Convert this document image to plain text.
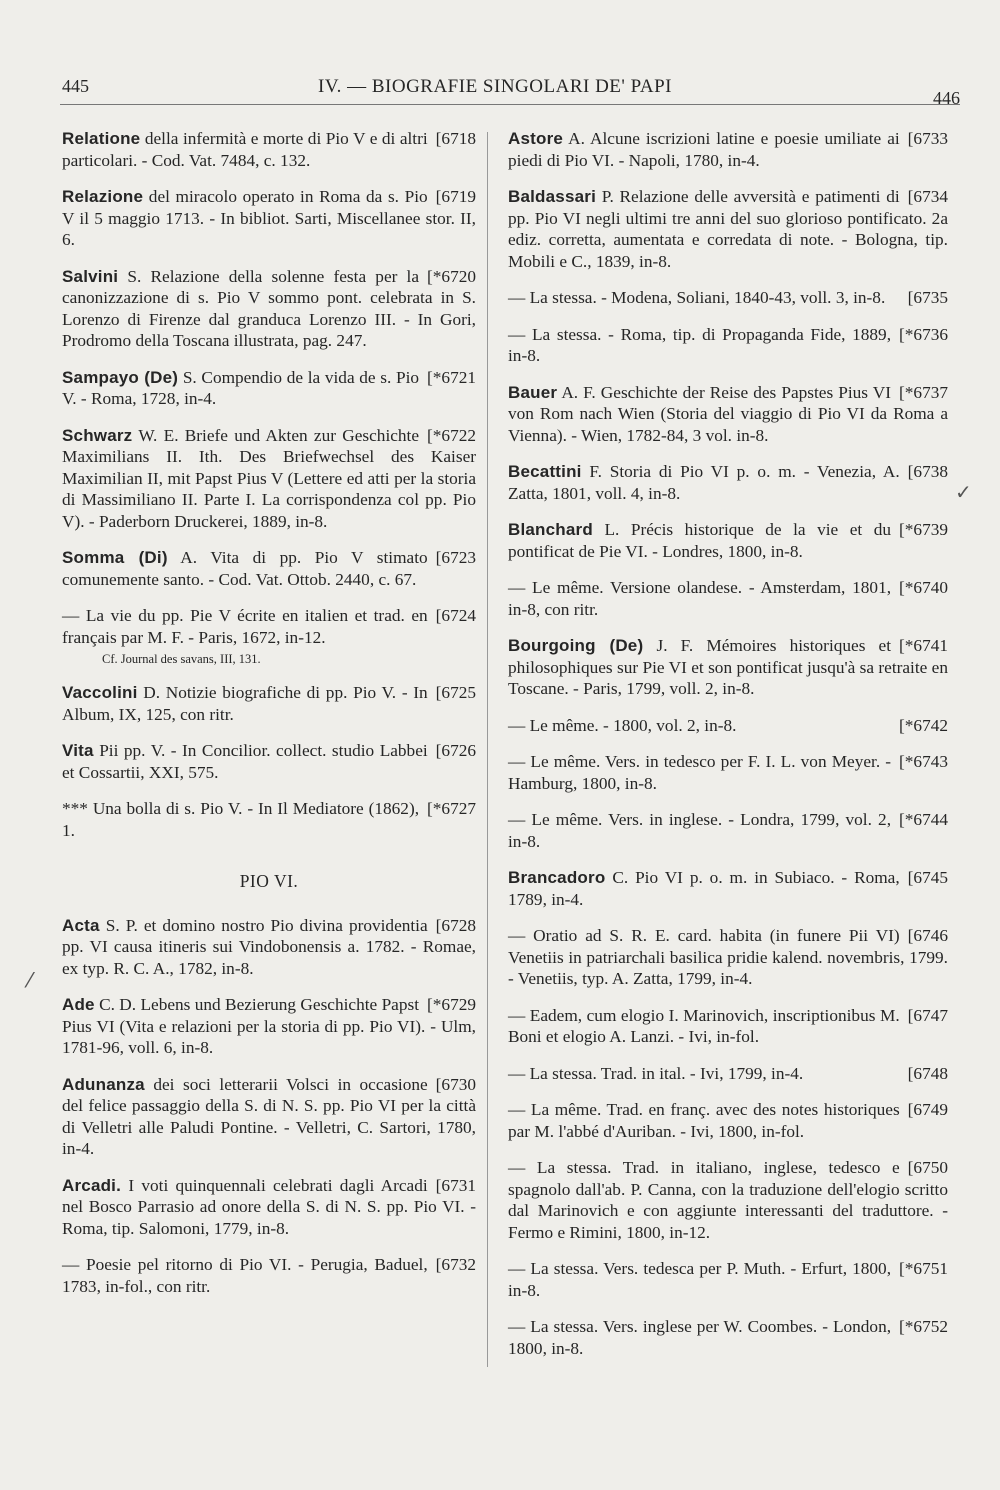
445	IV. — BIOGRAFIE SINGOLARI DE' PAPI
446
[6718
Relatione della infermità e morte di Pio V e di altri particolari. - Cod. Vat. 7484, c. 132.
[6719
Relazione del miracolo operato in Roma da s. Pio V il 5 maggio 1713. - In bibliot. Sarti, Miscellanee stor. II, 6.
[*6720
Salvini S. Relazione della solenne festa per la canonizzazione di s. Pio V sommo pont. celebrata in S. Lorenzo di Firenze dal granduca Lorenzo III. - In Gori, Prodromo della Toscana illustrata, pag. 247.
[*6721
Sampayo (De) S. Compendio de la vida de s. Pio V. - Roma, 1728, in-4.
[*6722
Schwarz W. E. Briefe und Akten zur Geschichte Maximilians II. Ith. Des Briefwechsel des Kaiser Maximilian II, mit Papst Pius V (Lettere ed atti per la storia di Massimiliano II. Parte I. La corrispondenza col pp. Pio V). - Paderborn Druckerei, 1889, in-8.
[6723
Somma (Di) A. Vita di pp. Pio V stimato comunemente santo. - Cod. Vat. Ottob. 2440, c. 67.
[6724
— La vie du pp. Pie V écrite en italien et trad. en français par M. F. - Paris, 1672, in-12.
Cf. Journal des savans, III, 131.
[6725
Vaccolini D. Notizie biografiche di pp. Pio V. - In Album, IX, 125, con ritr.
[6726
Vita Pii pp. V. - In Concilior. collect. studio Labbei et Cossartii, XXI, 575.
[*6727
*** Una bolla di s. Pio V. - In Il Mediatore (1862), 1.
PIO VI.
[6728
Acta S. P. et domino nostro Pio divina providentia pp. VI causa itineris sui Vindobonensis a. 1782. - Romae, ex typ. R. C. A., 1782, in-8.
[*6729
Ade C. D. Lebens und Bezierung Geschichte Papst Pius VI (Vita e relazioni per la storia di pp. Pio VI). - Ulm, 1781-96, voll. 6, in-8.
[6730
Adunanza dei soci letterarii Volsci in occasione del felice passaggio della S. di N. S. pp. Pio VI per la città di Velletri alle Paludi Pontine. - Velletri, C. Sartori, 1780, in-4.
[6731
Arcadi. I voti quinquennali celebrati dagli Arcadi nel Bosco Parrasio ad onore della S. di N. S. pp. Pio VI. - Roma, tip. Salomoni, 1779, in-8.
[6732
— Poesie pel ritorno di Pio VI. - Perugia, Baduel, 1783, in-fol., con ritr.
[6733
Astore A. Alcune iscrizioni latine e poesie umiliate ai piedi di Pio VI. - Napoli, 1780, in-4.
[6734
Baldassari P. Relazione delle avversità e patimenti di pp. Pio VI negli ultimi tre anni del suo glorioso pontificato. 2a ediz. corretta, aumentata e corredata di note. - Bologna, tip. Mobili e C., 1839, in-8.
[6735
— La stessa. - Modena, Soliani, 1840-43, voll. 3, in-8.
[*6736
— La stessa. - Roma, tip. di Propaganda Fide, 1889, in-8.
[*6737
Bauer A. F. Geschichte der Reise des Papstes Pius VI von Rom nach Wien (Storia del viaggio di Pio VI da Roma a Vienna). - Wien, 1782-84, 3 vol. in-8.
[6738
Becattini F. Storia di Pio VI p. o. m. - Venezia, A. Zatta, 1801, voll. 4, in-8.
[*6739
Blanchard L. Précis historique de la vie et du pontificat de Pie VI. - Londres, 1800, in-8.
[*6740
— Le même. Versione olandese. - Amsterdam, 1801, in-8, con ritr.
[*6741
Bourgoing (De) J. F. Mémoires historiques et philosophiques sur Pie VI et son pontificat jusqu'à sa retraite en Toscane. - Paris, 1799, voll. 2, in-8.
[*6742
— Le même. - 1800, vol. 2, in-8.
[*6743
— Le même. Vers. in tedesco per F. I. L. von Meyer. - Hamburg, 1800, in-8.
[*6744
— Le même. Vers. in inglese. - Londra, 1799, vol. 2, in-8.
[6745
Brancadoro C. Pio VI p. o. m. in Subiaco. - Roma, 1789, in-4.
[6746
— Oratio ad S. R. E. card. habita (in funere Pii VI) Venetiis in patriarchali basilica pridie kalend. novembris, 1799. - Venetiis, typ. A. Zatta, 1799, in-4.
[6747
— Eadem, cum elogio I. Marinovich, inscriptionibus M. Boni et elogio A. Lanzi. - Ivi, in-fol.
[6748
— La stessa. Trad. in ital. - Ivi, 1799, in-4.
[6749
— La même. Trad. en franç. avec des notes historiques par M. l'abbé d'Auriban. - Ivi, 1800, in-fol.
[6750
— La stessa. Trad. in italiano, inglese, tedesco e spagnolo dall'ab. P. Canna, con la traduzione dell'elogio scritto dal Marinovich e con aggiunte interessanti del traduttore. - Fermo e Rimini, 1800, in-12.
[*6751
— La stessa. Vers. tedesca per P. Muth. - Erfurt, 1800, in-8.
[*6752
— La stessa. Vers. inglese per W. Coombes. - London, 1800, in-8.
⁄
✓
